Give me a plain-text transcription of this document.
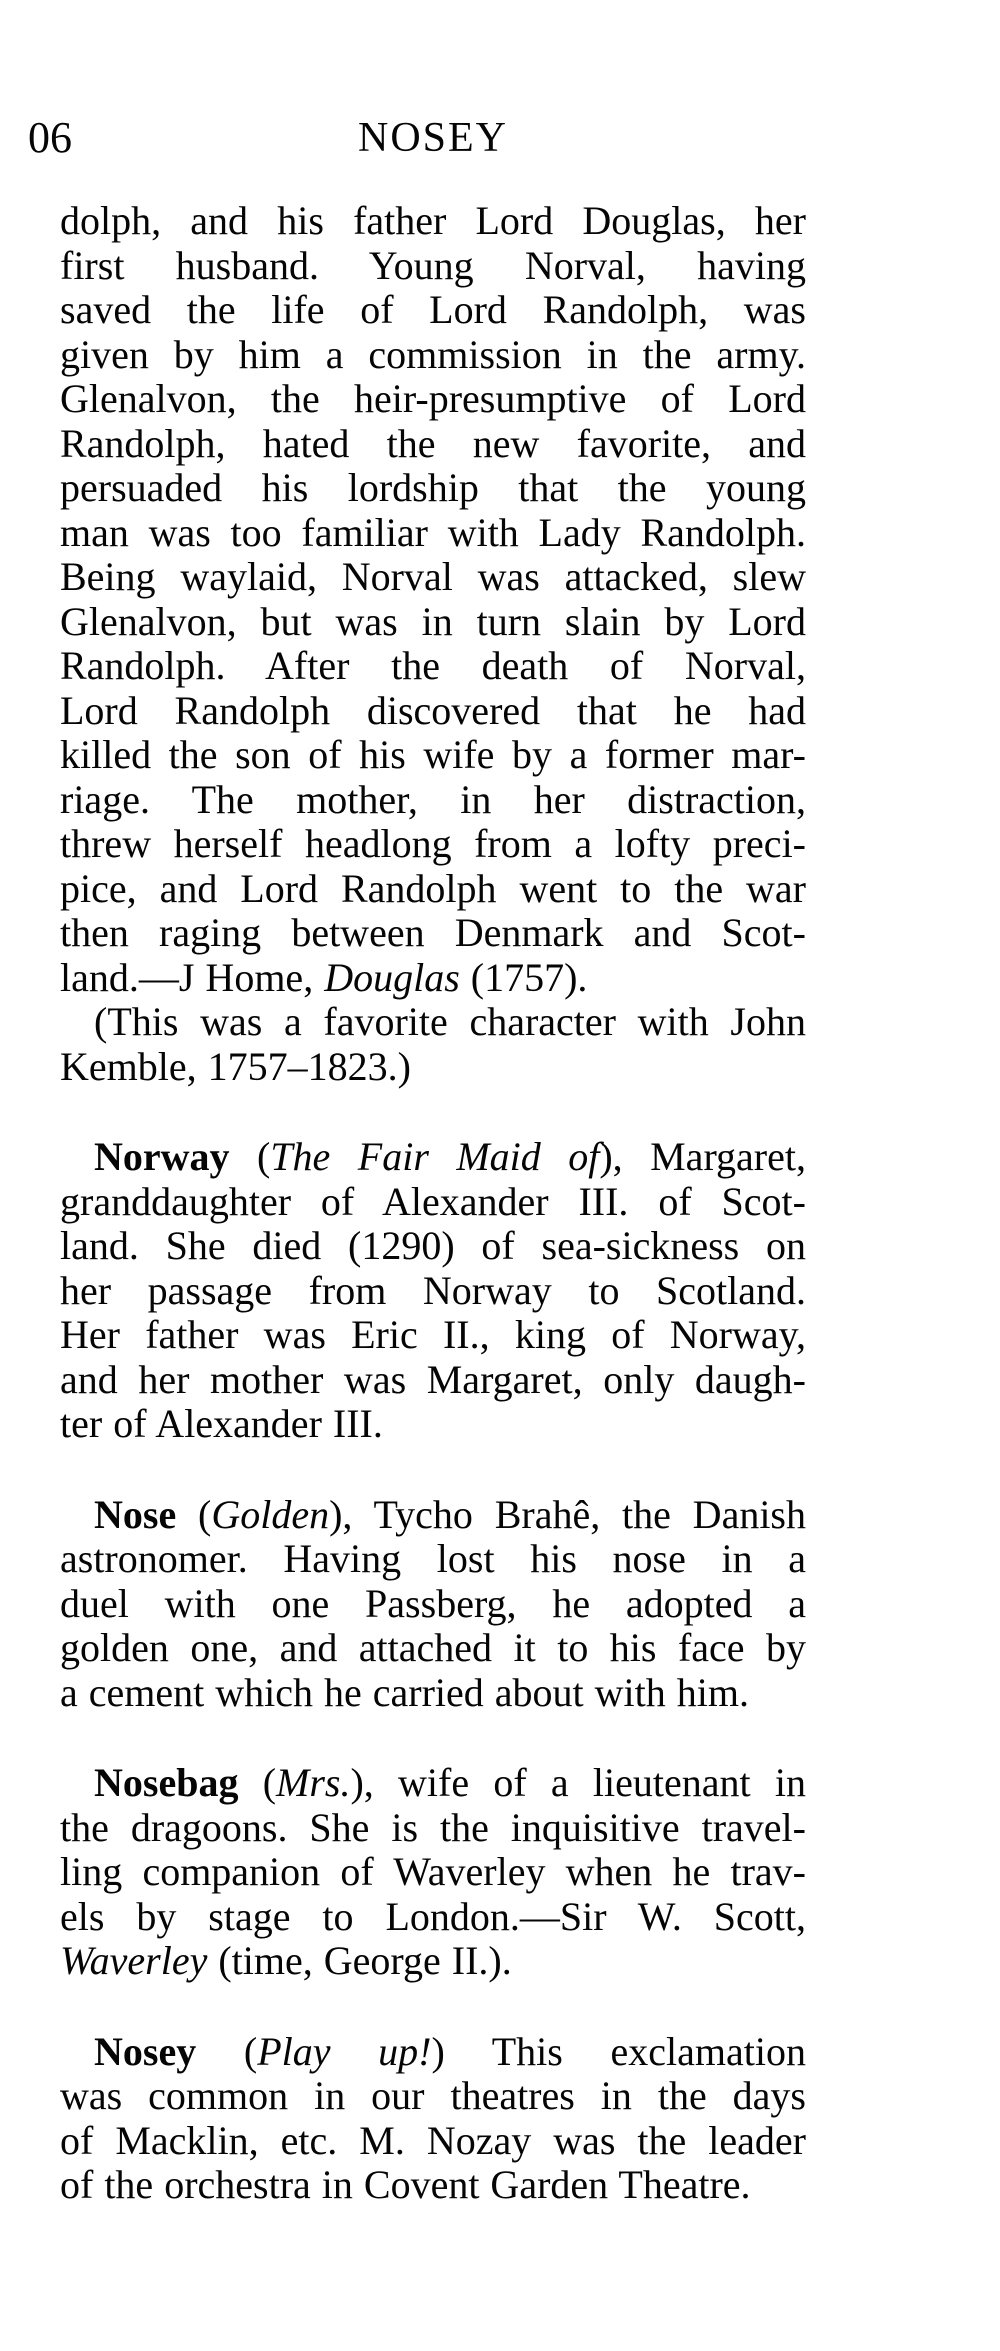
06	NOSEY
dolph, and his father Lord Douglas, her
first husband. Young Norval, having
saved the life of Lord Randolph, was
given by him a commission in the army.
Glenalvon, the heir-presumptive of Lord
Randolph, hated the new favorite, and
persuaded his lordship that the young
man was too familiar with Lady Randolph.
Being waylaid, Norval was attacked, slew
Glenalvon, but was in turn slain by Lord
Randolph. After the death of Norval,
Lord Randolph discovered that he had
killed the son of his wife by a former mar-
riage. The mother, in her distraction,
threw herself headlong from a lofty preci-
pice, and Lord Randolph went to the war
then raging between Denmark and Scot-
land.—J Home, Douglas (1757).
(This was a favorite character with John
Kemble, 1757–1823.)
Norway (The Fair Maid of), Margaret,
granddaughter of Alexander III. of Scot-
land. She died (1290) of sea-sickness on
her passage from Norway to Scotland.
Her father was Eric II., king of Norway,
and her mother was Margaret, only daugh-
ter of Alexander III.
Nose (Golden), Tycho Brahê, the Danish
astronomer. Having lost his nose in a
duel with one Passberg, he adopted a
golden one, and attached it to his face by
a cement which he carried about with him.
Nosebag (Mrs.), wife of a lieutenant in
the dragoons. She is the inquisitive travel-
ling companion of Waverley when he trav-
els by stage to London.—Sir W. Scott,
Waverley (time, George II.).
Nosey (Play up!) This exclamation
was common in our theatres in the days
of Macklin, etc. M. Nozay was the leader
of the orchestra in Covent Garden Theatre.
